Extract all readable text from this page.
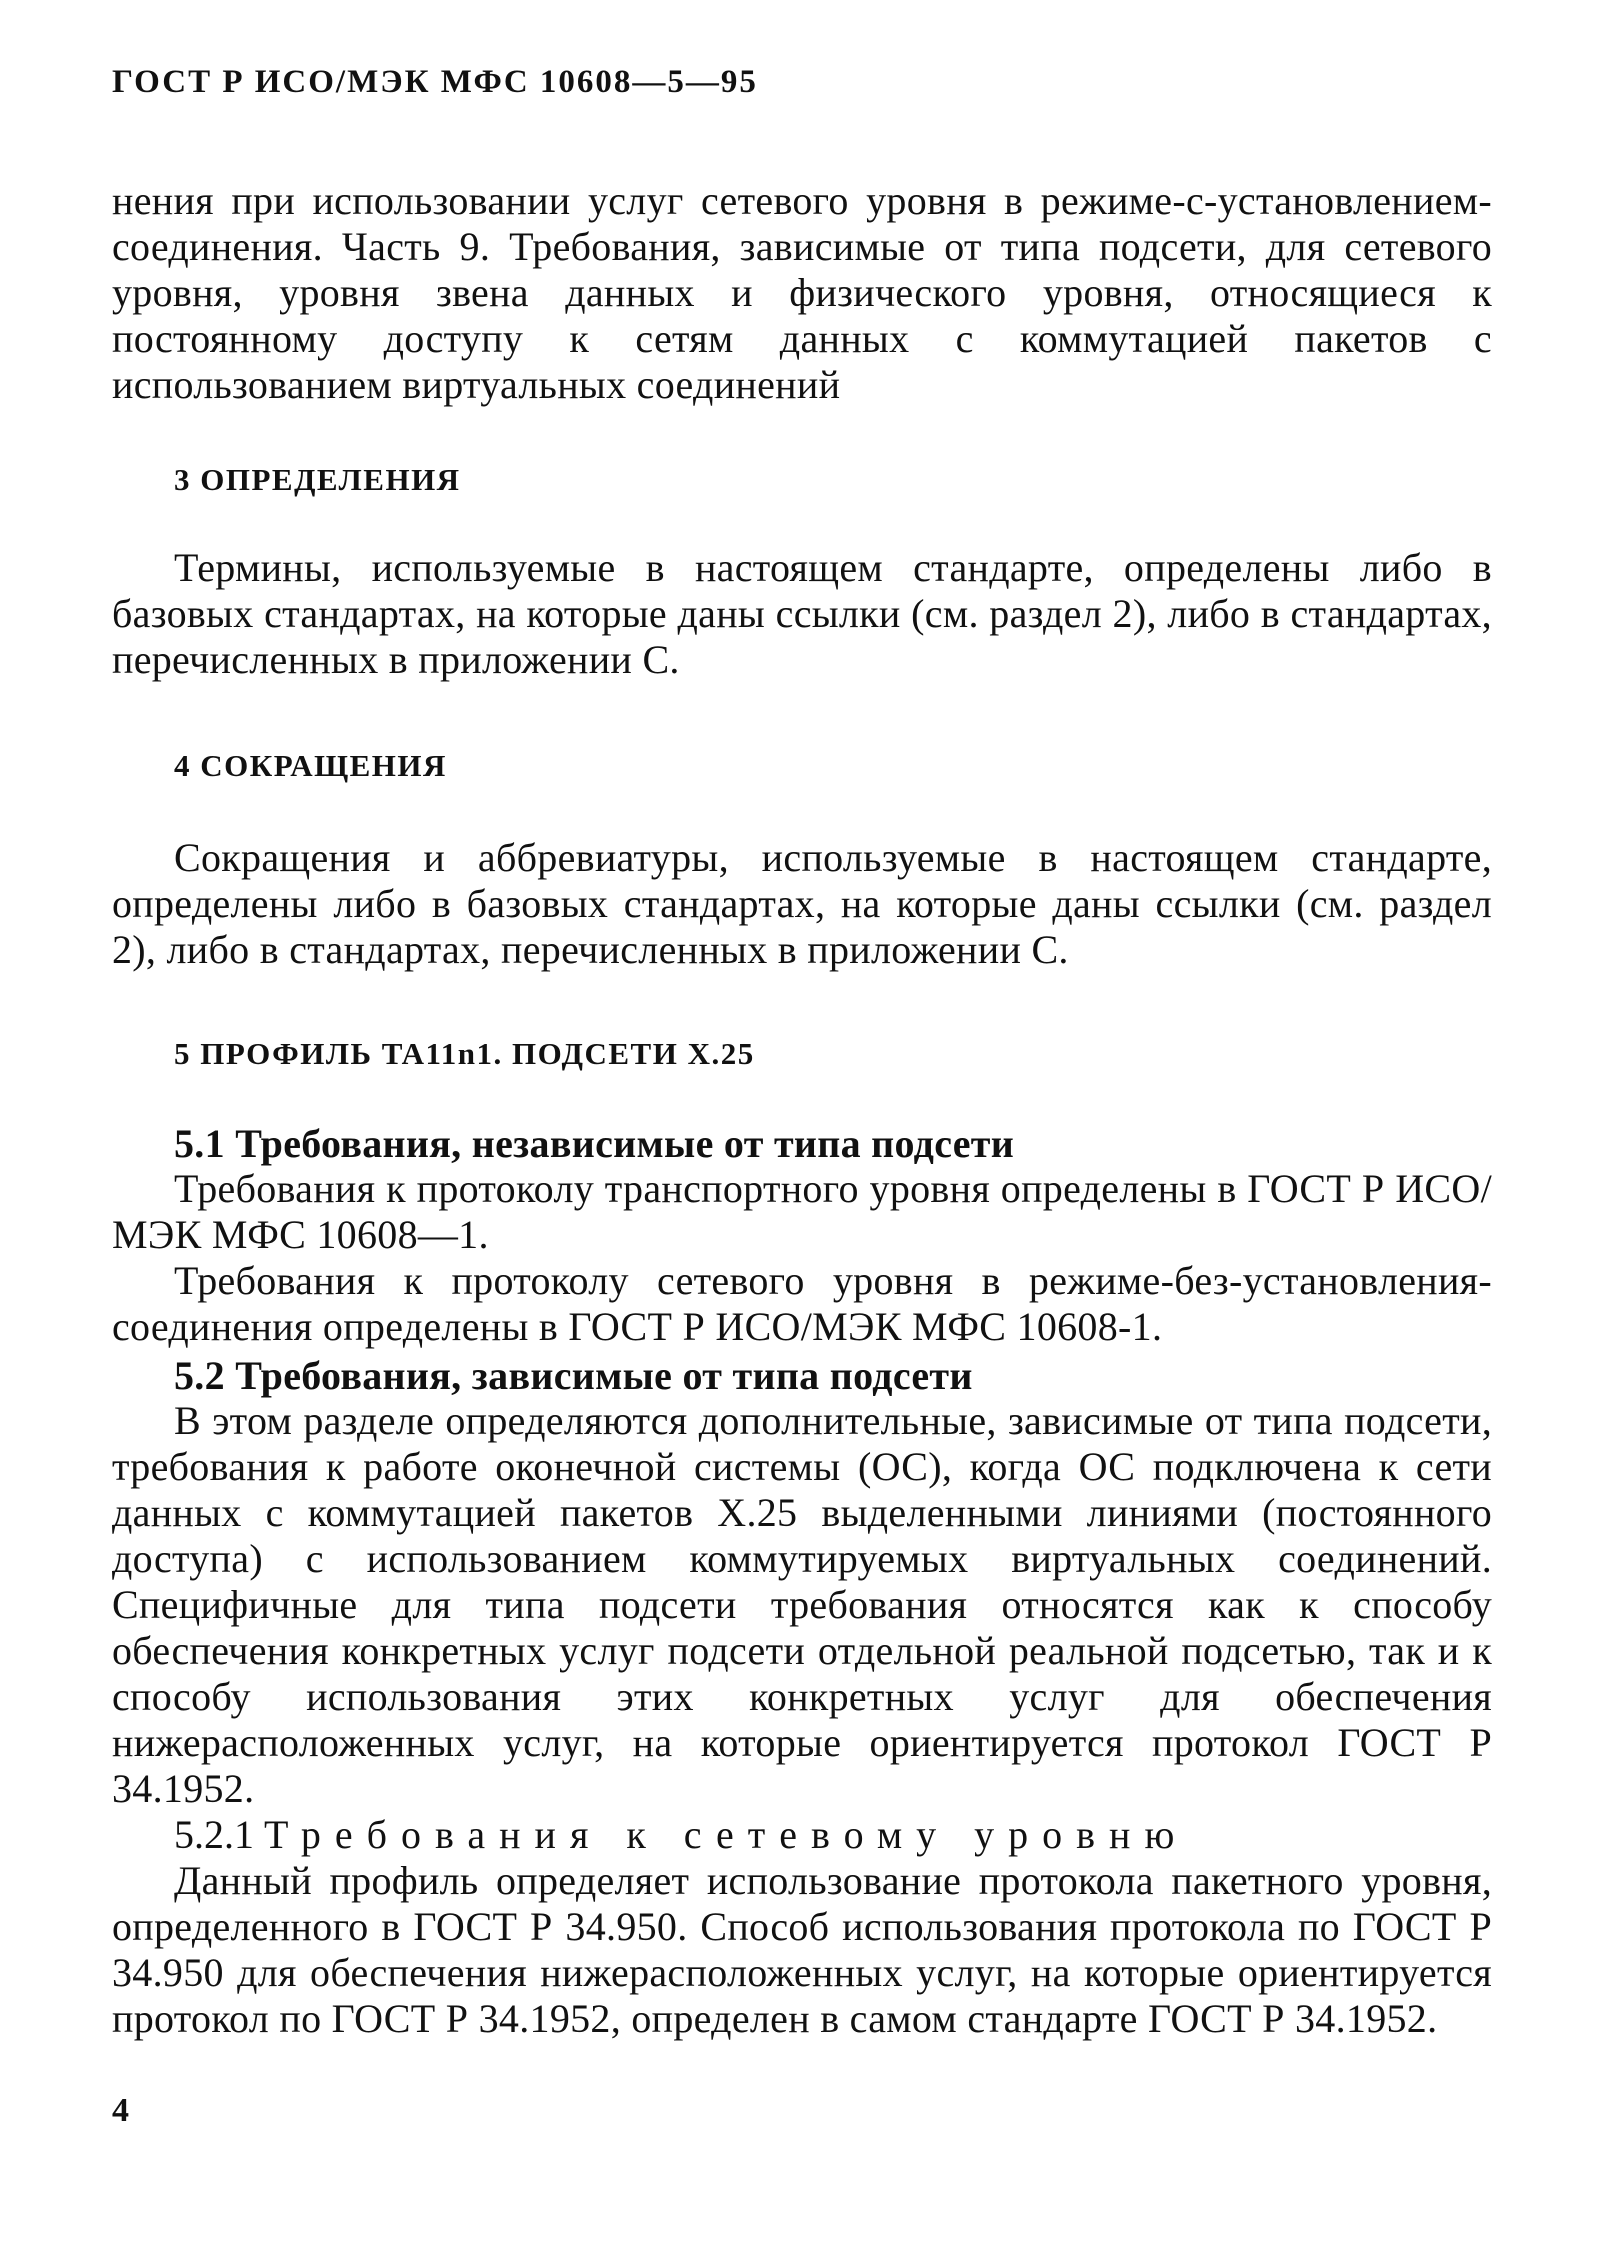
ГОСТ Р ИСО/МЭК МФС 10608—5—95
нения при использовании услуг сетевого уровня в режиме-с-установлением-соединения. Часть 9. Требования, зависимые от типа подсети, для сетевого уровня, уровня звена данных и физического уровня, относящиеся к постоянному доступу к сетям данных с коммутацией пакетов с использованием виртуальных соединений
3 ОПРЕДЕЛЕНИЯ
Термины, используемые в настоящем стандарте, определены либо в базовых стандартах, на которые даны ссылки (см. раздел 2), либо в стандартах, перечисленных в приложении С.
4 СОКРАЩЕНИЯ
Сокращения и аббревиатуры, используемые в настоящем стандарте, определены либо в базовых стандартах, на которые даны ссылки (см. раздел 2), либо в стандартах, перечисленных в приложении С.
5 ПРОФИЛЬ TA11n1. ПОДСЕТИ X.25
5.1 Требования, независимые от типа подсети
Требования к протоколу транспортного уровня определены в ГОСТ Р ИСО/МЭК МФС 10608—1.
Требования к протоколу сетевого уровня в режиме-без-установления-соединения определены в ГОСТ Р ИСО/МЭК МФС 10608-1.
5.2 Требования, зависимые от типа подсети
В этом разделе определяются дополнительные, зависимые от типа подсети, требования к работе оконечной системы (ОС), когда ОС подключена к сети данных с коммутацией пакетов X.25 выделенными линиями (постоянного доступа) с использованием коммутируемых виртуальных соединений. Специфичные для типа подсети требования относятся как к способу обеспечения конкретных услуг подсети отдельной реальной подсетью, так и к способу использования этих конкретных услуг для обеспечения нижерасположенных услуг, на которые ориентируется протокол ГОСТ Р 34.1952.
5.2.1 Требования к сетевому уровню
Данный профиль определяет использование протокола пакетного уровня, определенного в ГОСТ Р 34.950. Способ использования протокола по ГОСТ Р 34.950 для обеспечения нижерасположенных услуг, на которые ориентируется протокол по ГОСТ Р 34.1952, определен в самом стандарте ГОСТ Р 34.1952.
4
